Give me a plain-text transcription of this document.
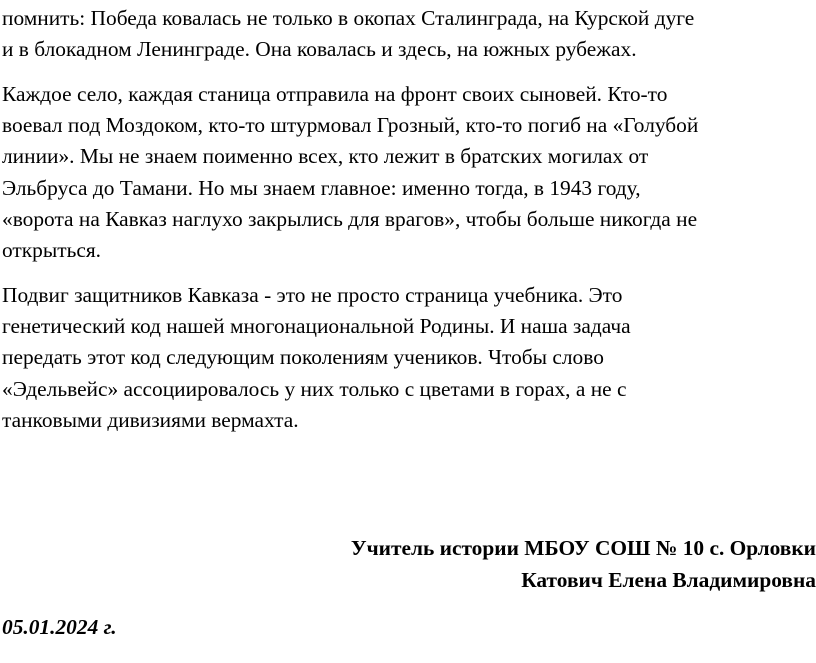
помнить: Победа ковалась не только в окопах Сталинграда, на Курской дуге
и в блокадном Ленинграде. Она ковалась и здесь, на южных рубежах.

Каждое село, каждая станица отправила на фронт своих сыновей. Кто-то
воевал под Моздоком, кто-то штурмовал Грозный, кто-то погиб на «Голубой
линии». Мы не знаем поименно всех, кто лежит в братских могилах от
Эльбруса до Тамани. Но мы знаем главное: именно тогда, в 1943 году,
«ворота на Кавказ наглухо закрылись для врагов», чтобы больше никогда не
открыться.

Подвиг защитников Кавказа - это не просто страница учебника. Это
генетический код нашей многонациональной Родины. И наша задача
передать этот код следующим поколениям учеников. Чтобы слово
«Эдельвейс» ассоциировалось у них только с цветами в горах, а не с
танковыми дивизиями вермахта.

Учитель истории МБОУ СОШ № 10 с. Орловки
Катович Елена Владимировна
05.01.2024 г.
